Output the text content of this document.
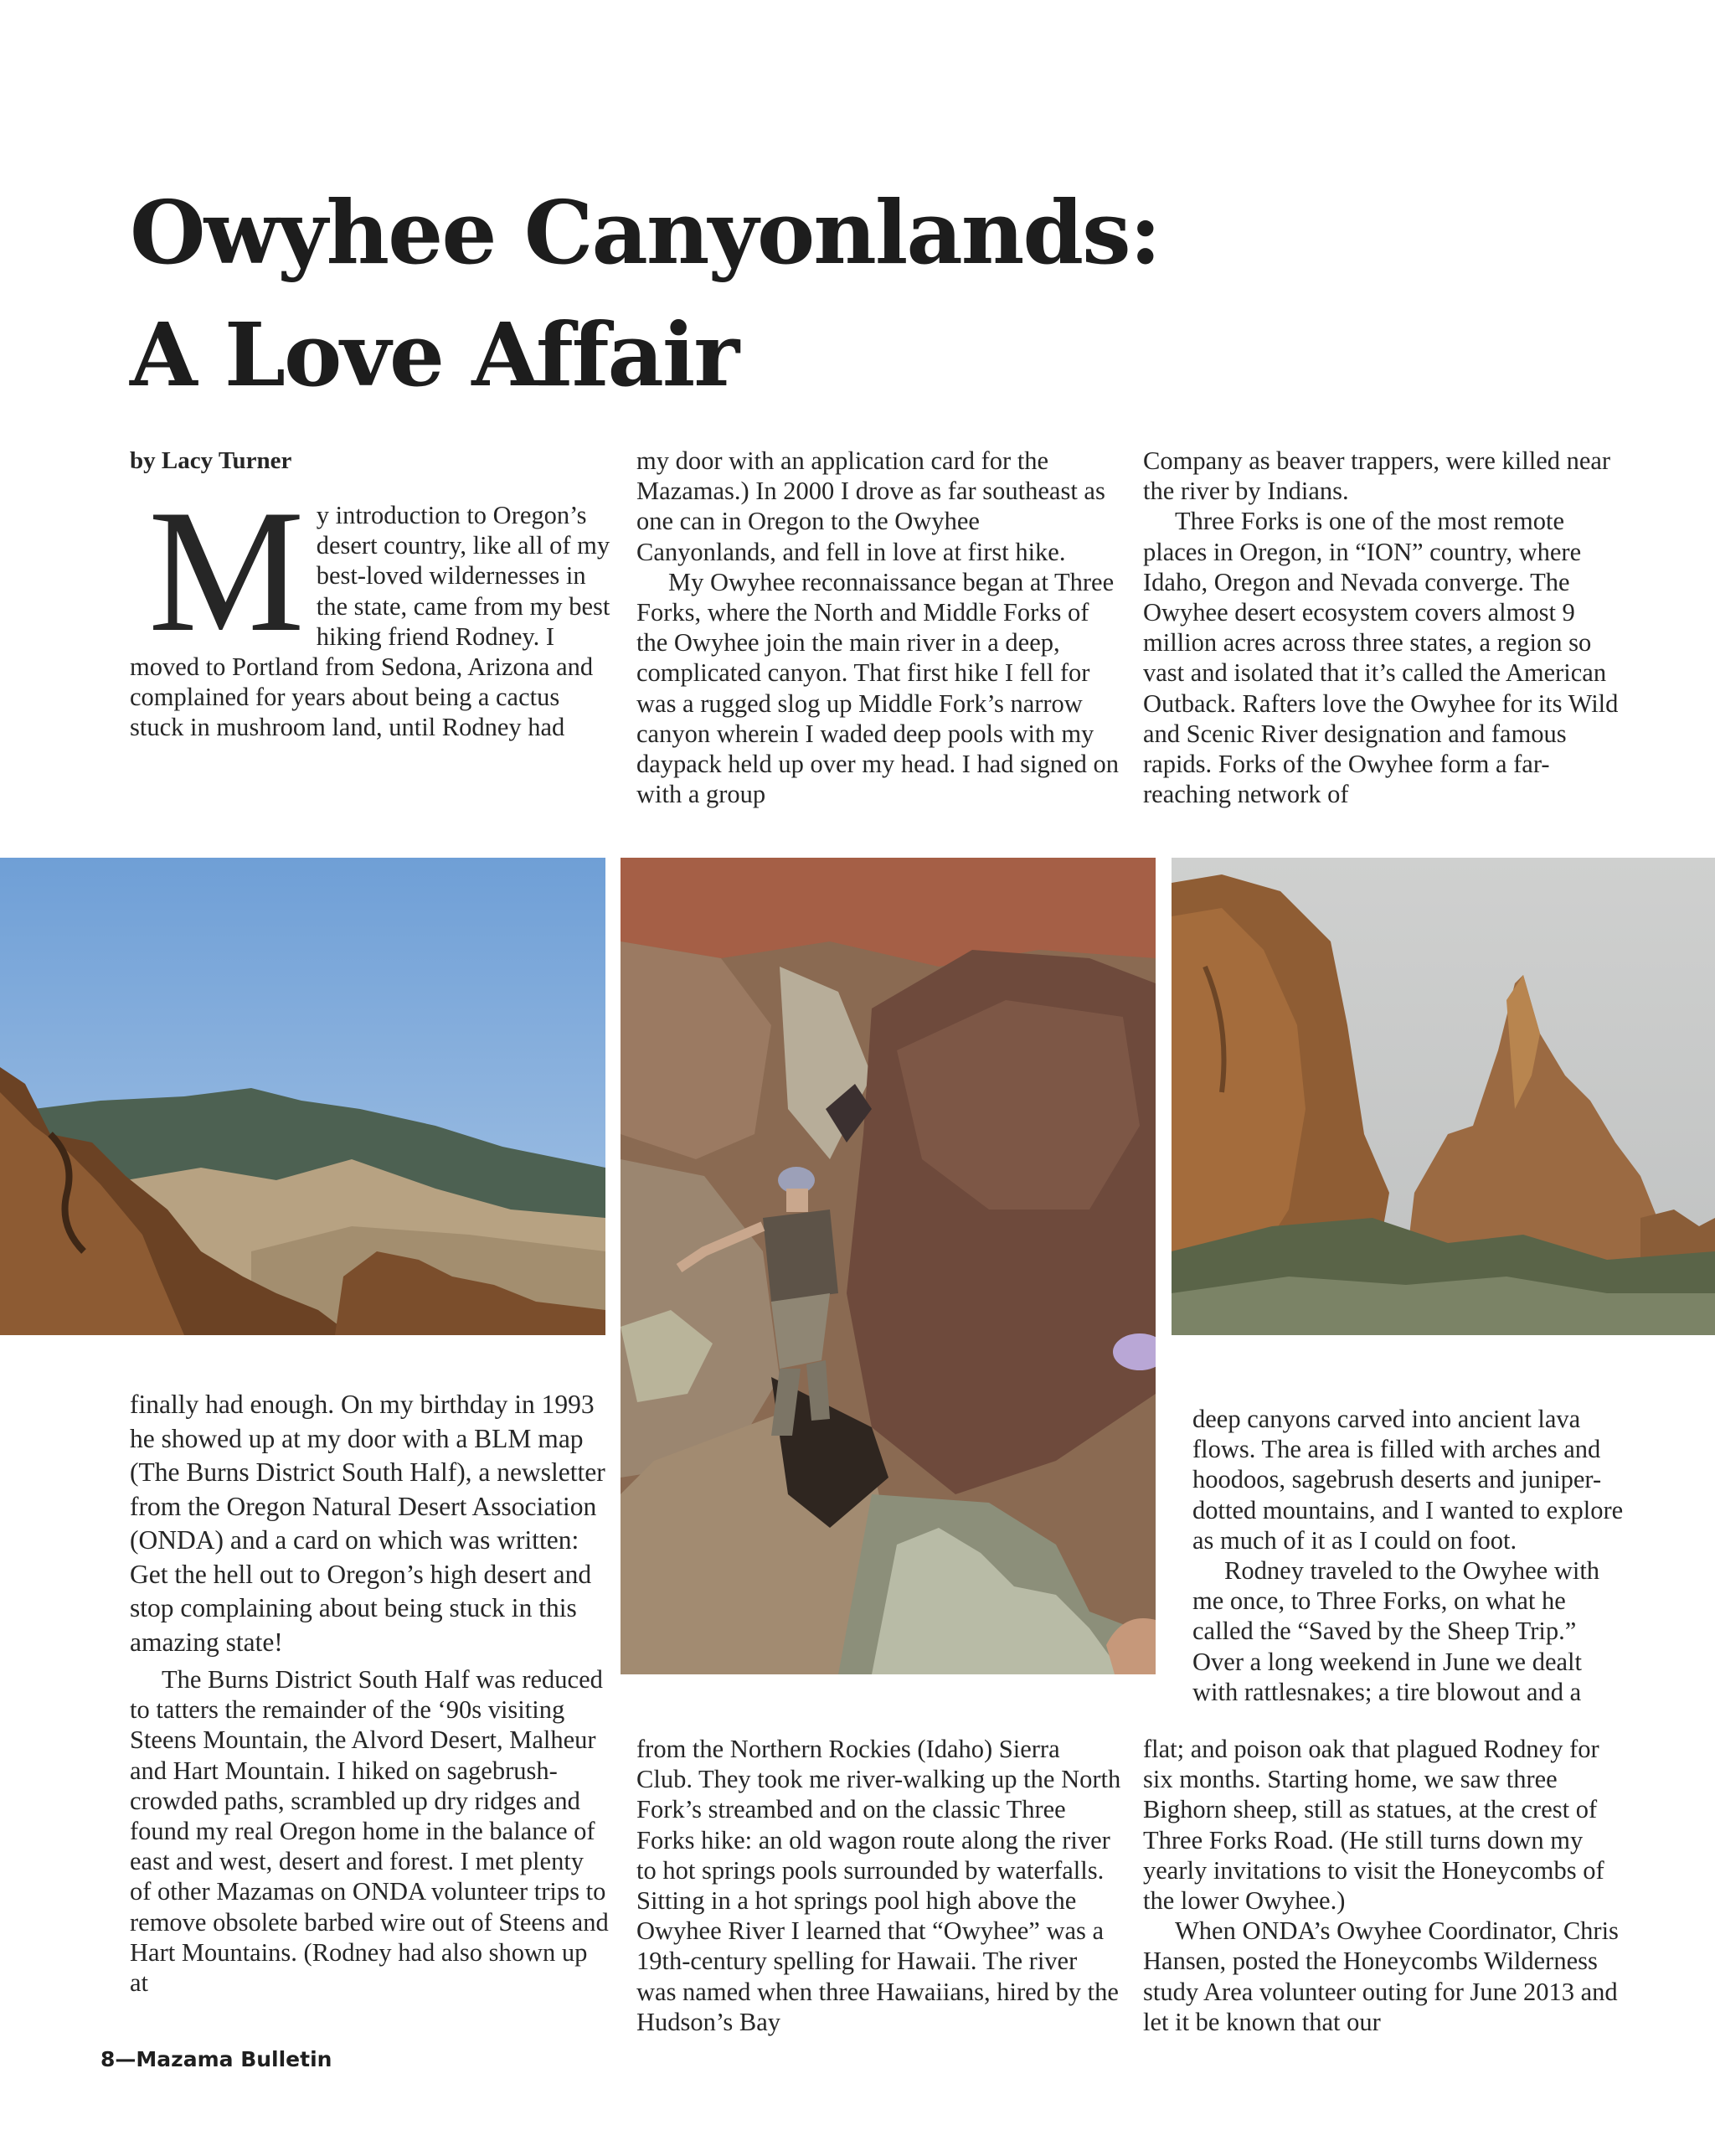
Owyhee Canyonlands:
A Love Affair

by Lacy Turner

My introduction to Oregon’s desert country, like all of my best-loved wildernesses in the state, came from my best hiking friend Rodney. I moved to Portland from Sedona, Arizona and complained for years about being a cactus stuck in mushroom land, until Rodney had

my door with an application card for the Mazamas.) In 2000 I drove as far southeast as one can in Oregon to the Owyhee Canyonlands, and fell in love at first hike.

My Owyhee reconnaissance began at Three Forks, where the North and Middle Forks of the Owyhee join the main river in a deep, complicated canyon. That first hike I fell for was a rugged slog up Middle Fork’s narrow canyon wherein I waded deep pools with my daypack held up over my head. I had signed on with a group

Company as beaver trappers, were killed near the river by Indians.

Three Forks is one of the most remote places in Oregon, in “ION” country, where Idaho, Oregon and Nevada converge. The Owyhee desert ecosystem covers almost 9 million acres across three states, a region so vast and isolated that it’s called the American Outback. Rafters love the Owyhee for its Wild and Scenic River designation and famous rapids. Forks of the Owyhee form a far-reaching network of

finally had enough. On my birthday in 1993 he showed up at my door with a BLM map (The Burns District South Half), a newsletter from the Oregon Natural Desert Association (ONDA) and a card on which was written: Get the hell out to Oregon’s high desert and stop complaining about being stuck in this amazing state!

The Burns District South Half was reduced to tatters the remainder of the ‘90s visiting Steens Mountain, the Alvord Desert, Malheur and Hart Mountain. I hiked on sagebrush-crowded paths, scrambled up dry ridges and found my real Oregon home in the balance of east and west, desert and forest. I met plenty of other Mazamas on ONDA volunteer trips to remove obsolete barbed wire out of Steens and Hart Mountains. (Rodney had also shown up at

from the Northern Rockies (Idaho) Sierra Club. They took me river-walking up the North Fork’s streambed and on the classic Three Forks hike: an old wagon route along the river to hot springs pools surrounded by waterfalls. Sitting in a hot springs pool high above the Owyhee River I learned that “Owyhee” was a 19th-century spelling for Hawaii. The river was named when three Hawaiians, hired by the Hudson’s Bay

deep canyons carved into ancient lava flows. The area is filled with arches and hoodoos, sagebrush deserts and juniper-dotted mountains, and I wanted to explore as much of it as I could on foot.

Rodney traveled to the Owyhee with me once, to Three Forks, on what he called the “Saved by the Sheep Trip.” Over a long weekend in June we dealt with rattlesnakes; a tire blowout and a

flat; and poison oak that plagued Rodney for six months. Starting home, we saw three Bighorn sheep, still as statues, at the crest of Three Forks Road. (He still turns down my yearly invitations to visit the Honeycombs of the lower Owyhee.)

When ONDA’s Owyhee Coordinator, Chris Hansen, posted the Honeycombs Wilderness study Area volunteer outing for June 2013 and let it be known that our

8—Mazama Bulletin
